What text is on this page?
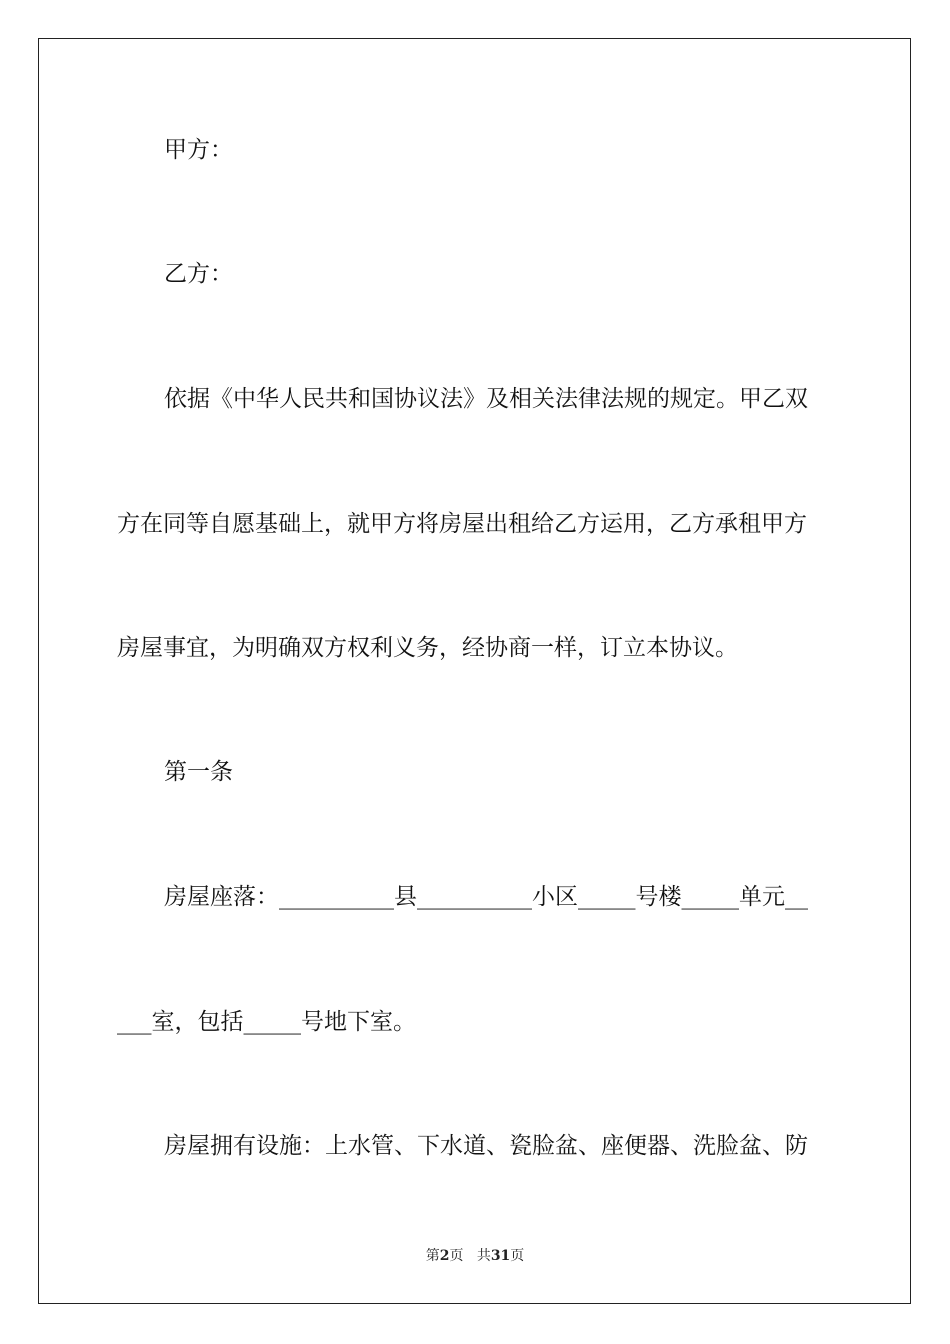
甲方：
乙方：
依据《中华人民共和国协议法》及相关法律法规的规定。甲乙双
方在同等自愿基础上，就甲方将房屋出租给乙方运用，乙方承租甲方
房屋事宜，为明确双方权利义务，经协商一样，订立本协议。
第一条
房屋座落：__________县__________小区_____号楼_____单元__
___室，包括_____号地下室。
房屋拥有设施：上水管、下水道、瓷脸盆、座便器、洗脸盆、防
第2页 共31页
